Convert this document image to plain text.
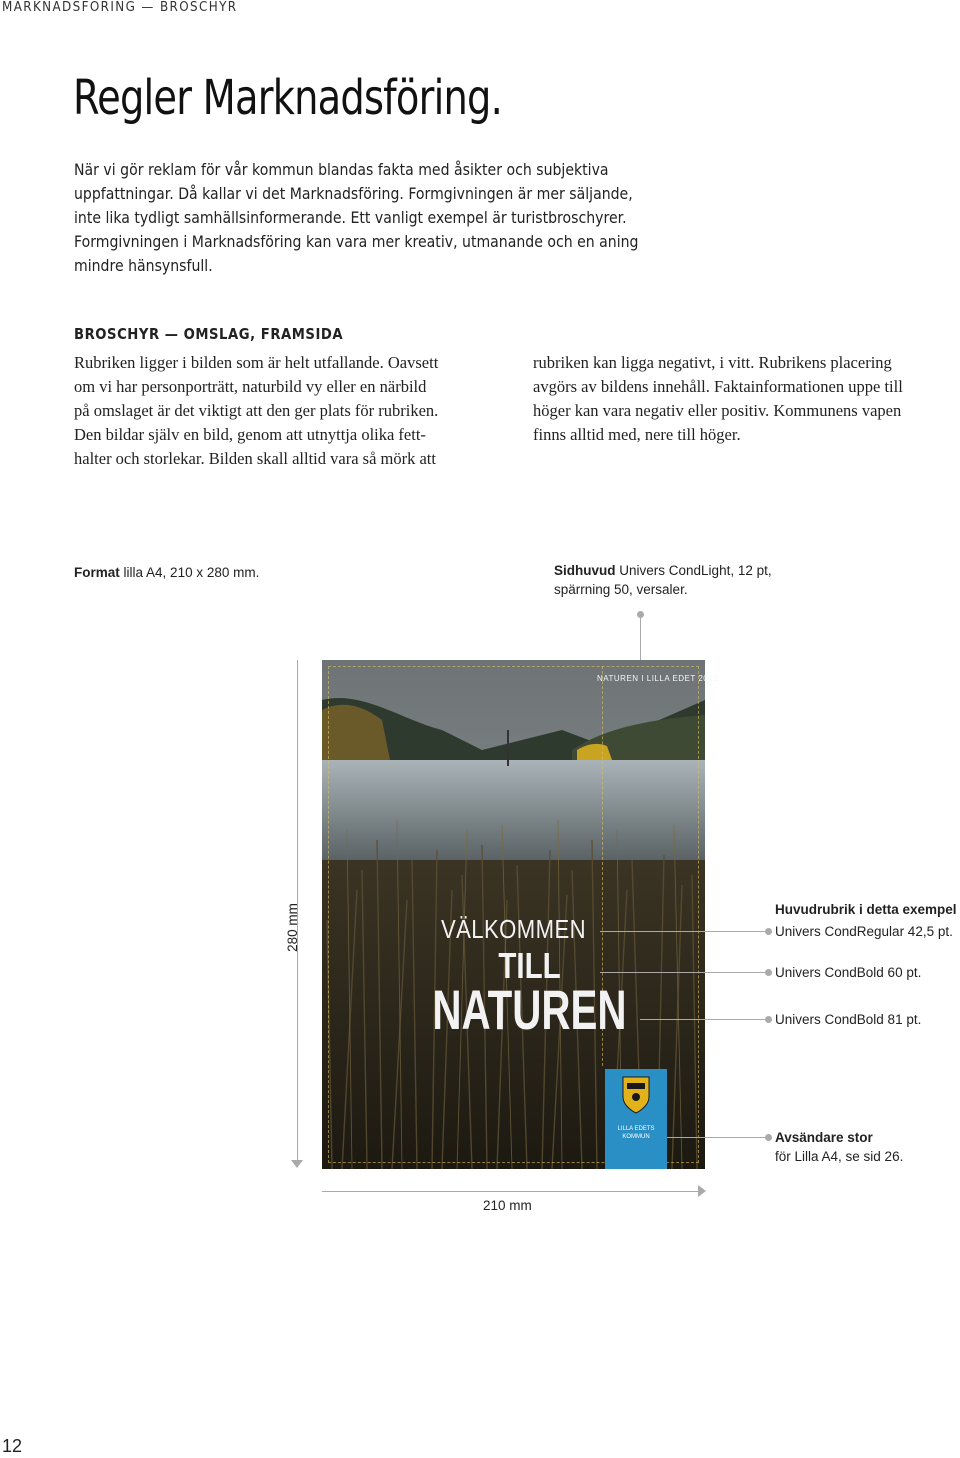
MARKNADSFÖRING — BROSCHYR
Regler Marknadsföring.
När vi gör reklam för vår kommun blandas fakta med åsikter och subjektiva
uppfattningar. Då kallar vi det Marknadsföring. Formgivningen är mer säljande,
inte lika tydligt samhällsinformerande. Ett vanligt exempel är turistbroschyrer.
Formgivningen i Marknadsföring kan vara mer kreativ, utmanande och en aning
mindre hänsynsfull.
BROSCHYR — OMSLAG, FRAMSIDA
Rubriken ligger i bilden som är helt utfallande. Oavsett
om vi har personporträtt, naturbild vy eller en närbild
på omslaget är det viktigt att den ger plats för rubriken.
Den bildar själv en bild, genom att utnyttja olika fett-
halter och storlekar. Bilden skall alltid vara så mörk att
rubriken kan ligga negativt, i vitt. Rubrikens placering
avgörs av bildens innehåll. Faktainformationen uppe till
höger kan vara negativ eller positiv. Kommunens vapen
finns alltid med, nere till höger.
Format lilla A4, 210 x 280 mm.	Sidhuvud Univers CondLight, 12 pt,
spärrning 50, versaler.
280 mm
210 mm
NATUREN I LILLA EDET 2012
VÄLKOMMEN
TILL
NATUREN
LILLA EDETS
KOMMUN
Huvudrubrik i detta exempel
Univers CondRegular 42,5 pt.
Univers CondBold 60 pt.
Univers CondBold 81 pt.
Avsändare stor
för Lilla A4, se sid 26.
12
